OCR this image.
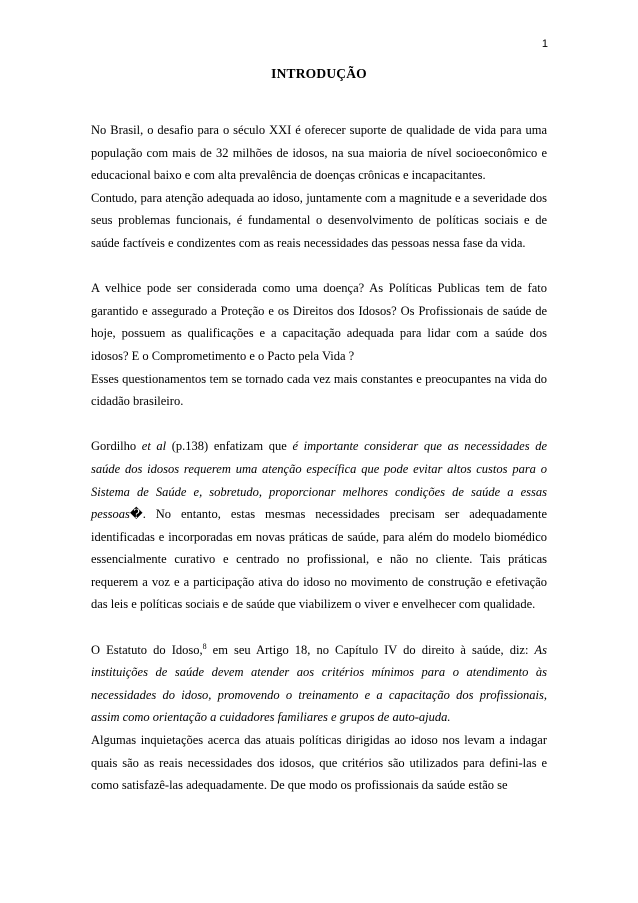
1
INTRODUÇÃO

No Brasil, o desafio para o século XXI é oferecer suporte de qualidade de vida para uma população com mais de 32 milhões de idosos, na sua maioria de nível socioeconômico e educacional baixo e com alta prevalência de doenças crônicas e incapacitantes.

Contudo, para atenção adequada ao idoso, juntamente com a magnitude e a severidade dos seus problemas funcionais, é fundamental o desenvolvimento de políticas sociais e de saúde factíveis e condizentes com as reais necessidades das pessoas nessa fase da vida.

A velhice pode ser considerada como uma doença? As Políticas Publicas tem de fato garantido e assegurado a Proteção e os Direitos dos Idosos? Os Profissionais de saúde de hoje, possuem as qualificações e a capacitação adequada para lidar com a saúde dos idosos? E o Comprometimento e o Pacto pela Vida ?

Esses questionamentos tem se tornado cada vez mais constantes e preocupantes na vida do cidadão brasileiro.

Gordilho et al (p.138) enfatizam que é importante considerar que as necessidades de saúde dos idosos requerem uma atenção específica que pode evitar altos custos para o Sistema de Saúde e, sobretudo, proporcionar melhores condições de saúde a essas pessoas�. No entanto, estas mesmas necessidades precisam ser adequadamente identificadas e incorporadas em novas práticas de saúde, para além do modelo biomédico essencialmente curativo e centrado no profissional, e não no cliente. Tais práticas requerem a voz e a participação ativa do idoso no movimento de construção e efetivação das leis e políticas sociais e de saúde que viabilizem o viver e envelhecer com qualidade.

O Estatuto do Idoso,$^8$ em seu Artigo 18, no Capítulo IV do direito à saúde, diz: As instituições de saúde devem atender aos critérios mínimos para o atendimento às necessidades do idoso, promovendo o treinamento e a capacitação dos profissionais, assim como orientação a cuidadores familiares e grupos de auto-ajuda.

Algumas inquietações acerca das atuais políticas dirigidas ao idoso nos levam a indagar quais são as reais necessidades dos idosos, que critérios são utilizados para defini-las e como satisfazê-las adequadamente. De que modo os profissionais da saúde estão se
